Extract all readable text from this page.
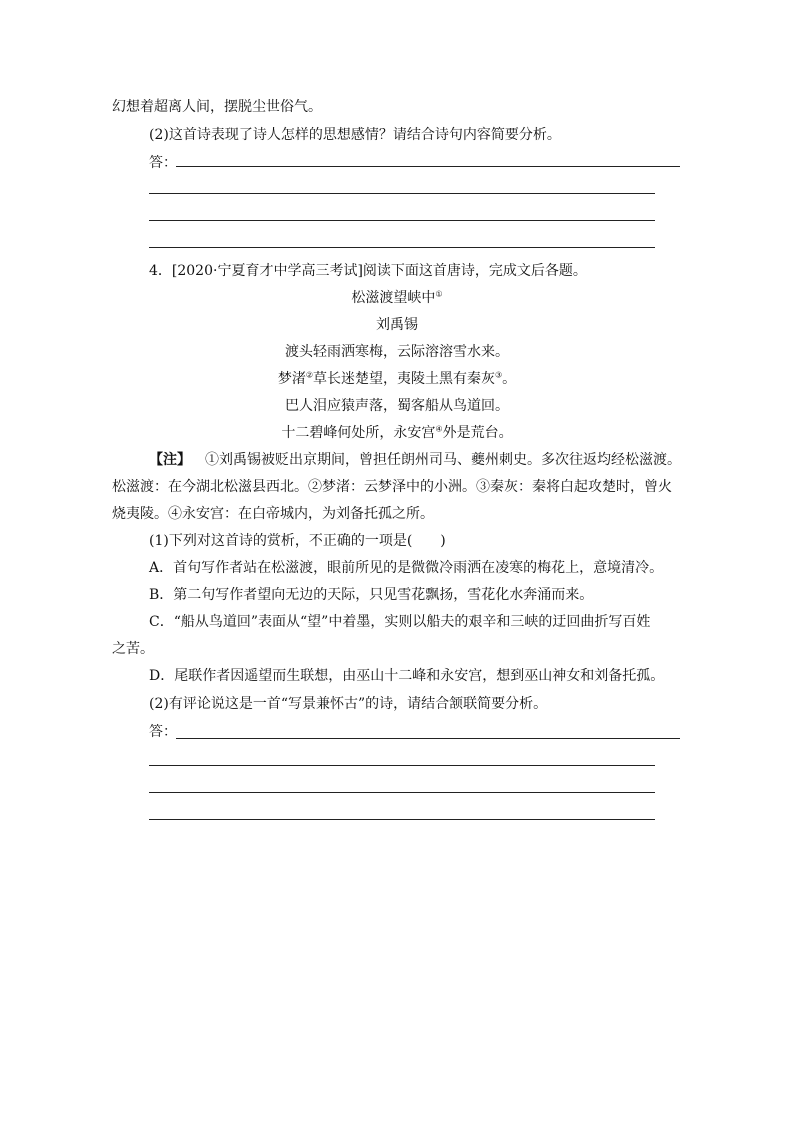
幻想着超离人间，摆脱尘世俗气。
(2)这首诗表现了诗人怎样的思想感情？请结合诗句内容简要分析。
答：
4．[2020·宁夏育才中学高三考试]阅读下面这首唐诗，完成文后各题。
松滋渡望峡中①
刘禹锡
渡头轻雨洒寒梅，云际溶溶雪水来。
梦渚②草长迷楚望，夷陵土黑有秦灰③。
巴人泪应猿声落，蜀客船从鸟道回。
十二碧峰何处所，永安宫④外是荒台。
【注】 ①刘禹锡被贬出京期间，曾担任朗州司马、夔州刺史。多次往返均经松滋渡。
松滋渡：在今湖北松滋县西北。②梦渚：云梦泽中的小洲。③秦灰：秦将白起攻楚时，曾火
烧夷陵。④永安宫：在白帝城内，为刘备托孤之所。
(1)下列对这首诗的赏析，不正确的一项是(　　)
A．首句写作者站在松滋渡，眼前所见的是微微冷雨洒在凌寒的梅花上，意境清冷。
B．第二句写作者望向无边的天际，只见雪花飘扬，雪花化水奔涌而来。
C．“船从鸟道回”表面从“望”中着墨，实则以船夫的艰辛和三峡的迂回曲折写百姓
之苦。
D．尾联作者因遥望而生联想，由巫山十二峰和永安宫，想到巫山神女和刘备托孤。
(2)有评论说这是一首“写景兼怀古”的诗，请结合颔联简要分析。
答：
